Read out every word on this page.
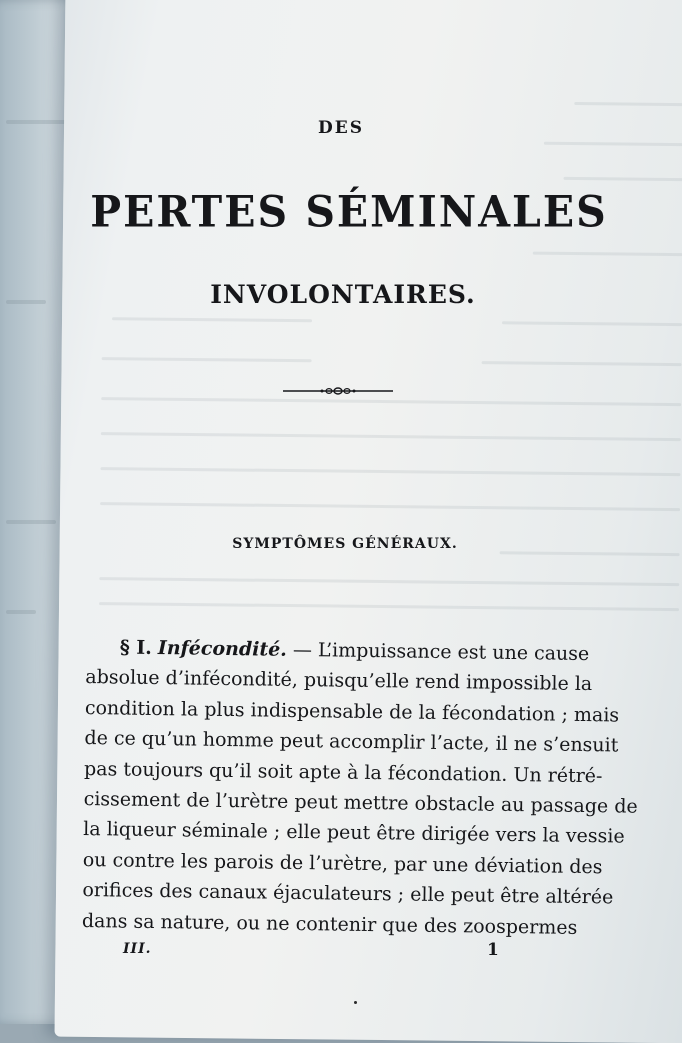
DES
PERTES SÉMINALES
INVOLONTAIRES.
SYMPTÔMES GÉNÉRAUX.
§ I. Infécondité. — L’impuissance est une cause
absolue d’infécondité, puisqu’elle rend impossible la
condition la plus indispensable de la fécondation ; mais
de ce qu’un homme peut accomplir l’acte, il ne s’ensuit
pas toujours qu’il soit apte à la fécondation. Un rétré-
cissement de l’urètre peut mettre obstacle au passage de
la liqueur séminale ; elle peut être dirigée vers la vessie
ou contre les parois de l’urètre, par une déviation des
orifices des canaux éjaculateurs ; elle peut être altérée
dans sa nature, ou ne contenir que des zoospermes
III.	1
